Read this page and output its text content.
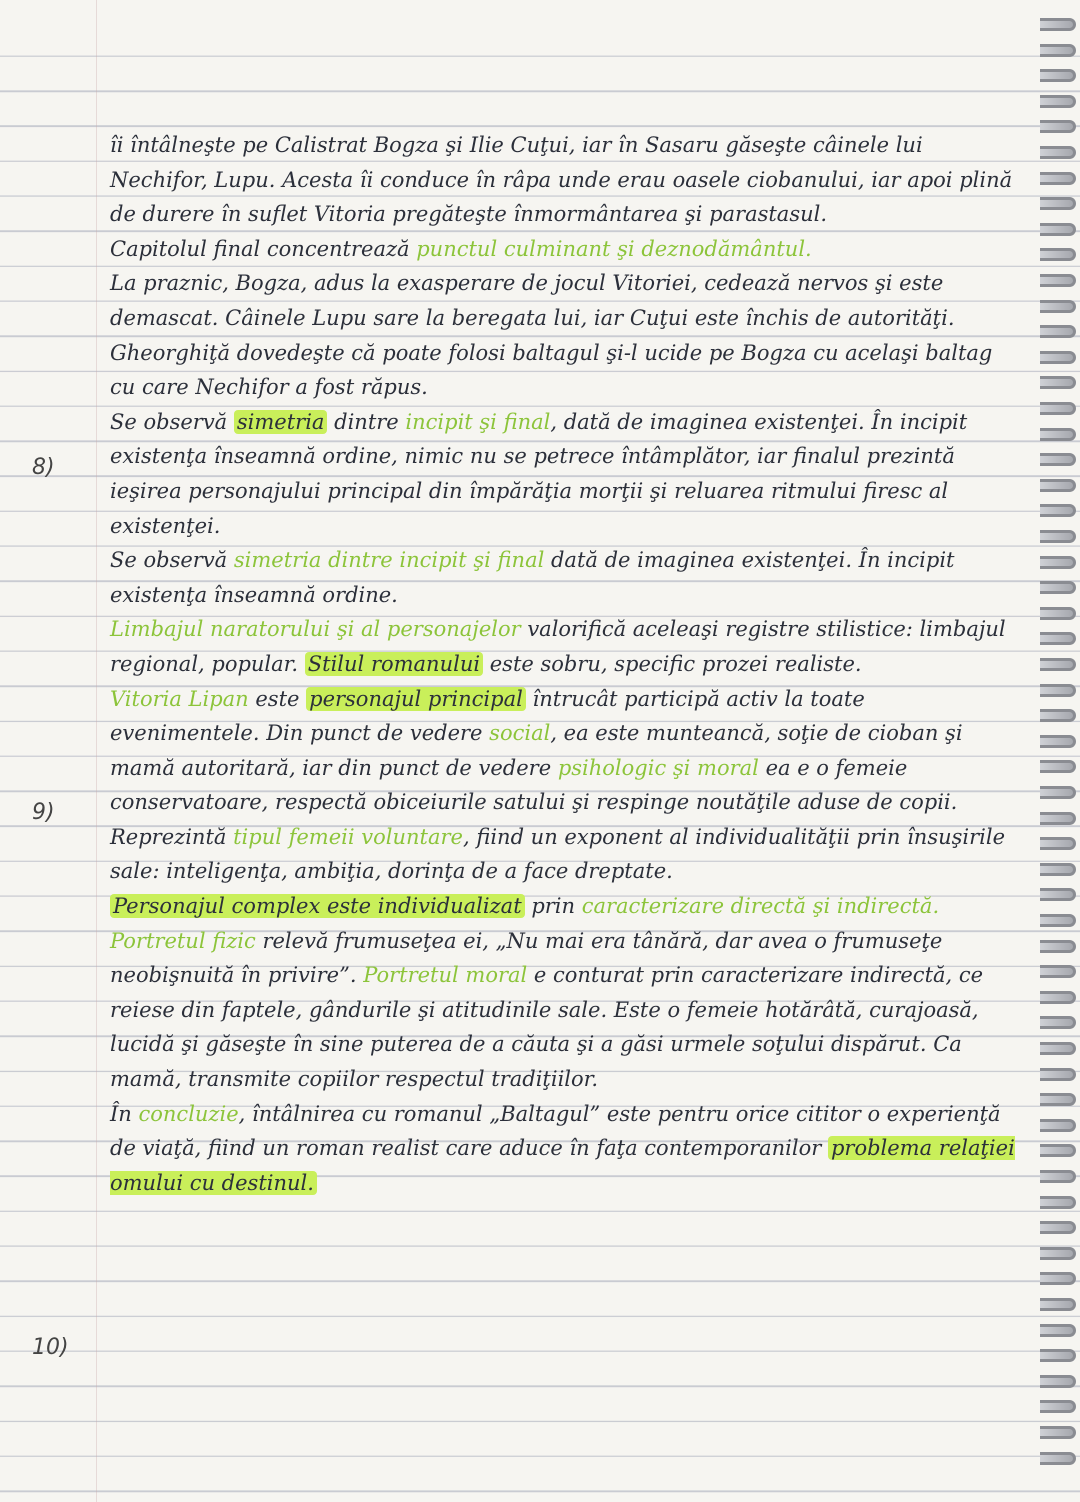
8)
9)
10)

îi întâlneşte pe Calistrat Bogza şi Ilie Cuţui, iar în Sasaru găseşte câinele lui Nechifor, Lupu. Acesta îi conduce în râpa unde erau oasele ciobanului, iar apoi plină de durere în suflet Vitoria pregăteşte înmormântarea şi parastasul.

Capitolul final concentrează punctul culminant şi deznodământul.

La praznic, Bogza, adus la exasperare de jocul Vitoriei, cedează nervos şi este demascat. Câinele Lupu sare la beregata lui, iar Cuţui este închis de autorităţi. Gheorghiţă dovedeşte că poate folosi baltagul şi-l ucide pe Bogza cu acelaşi baltag cu care Nechifor a fost răpus.

Se observă simetria dintre incipit şi final, dată de imaginea existenţei. În incipit existenţa înseamnă ordine, nimic nu se petrece întâmplător, iar finalul prezintă ieşirea personajului principal din împărăţia morţii şi reluarea ritmului firesc al existenţei.

Se observă simetria dintre incipit şi final dată de imaginea existenţei. În incipit existenţa înseamnă ordine.

Limbajul naratorului şi al personajelor valorifică aceleaşi registre stilistice: limbajul regional, popular. Stilul romanului este sobru, specific prozei realiste.

Vitoria Lipan este personajul principal întrucât participă activ la toate evenimentele. Din punct de vedere social, ea este munteancă, soţie de cioban şi mamă autoritară, iar din punct de vedere psihologic şi moral ea e o femeie conservatoare, respectă obiceiurile satului şi respinge noutăţile aduse de copii. Reprezintă tipul femeii voluntare, fiind un exponent al individualităţii prin însuşirile sale: inteligenţa, ambiţia, dorinţa de a face dreptate.

Personajul complex este individualizat prin caracterizare directă şi indirectă. Portretul fizic relevă frumuseţea ei, „Nu mai era tânără, dar avea o frumuseţe neobişnuită în privire”. Portretul moral e conturat prin caracterizare indirectă, ce reiese din faptele, gândurile şi atitudinile sale. Este o femeie hotărâtă, curajoasă, lucidă şi găseşte în sine puterea de a căuta şi a găsi urmele soţului dispărut. Ca mamă, transmite copiilor respectul tradiţiilor.

În concluzie, întâlnirea cu romanul „Baltagul” este pentru orice cititor o experienţă de viaţă, fiind un roman realist care aduce în faţa contemporanilor problema relaţiei omului cu destinul.
